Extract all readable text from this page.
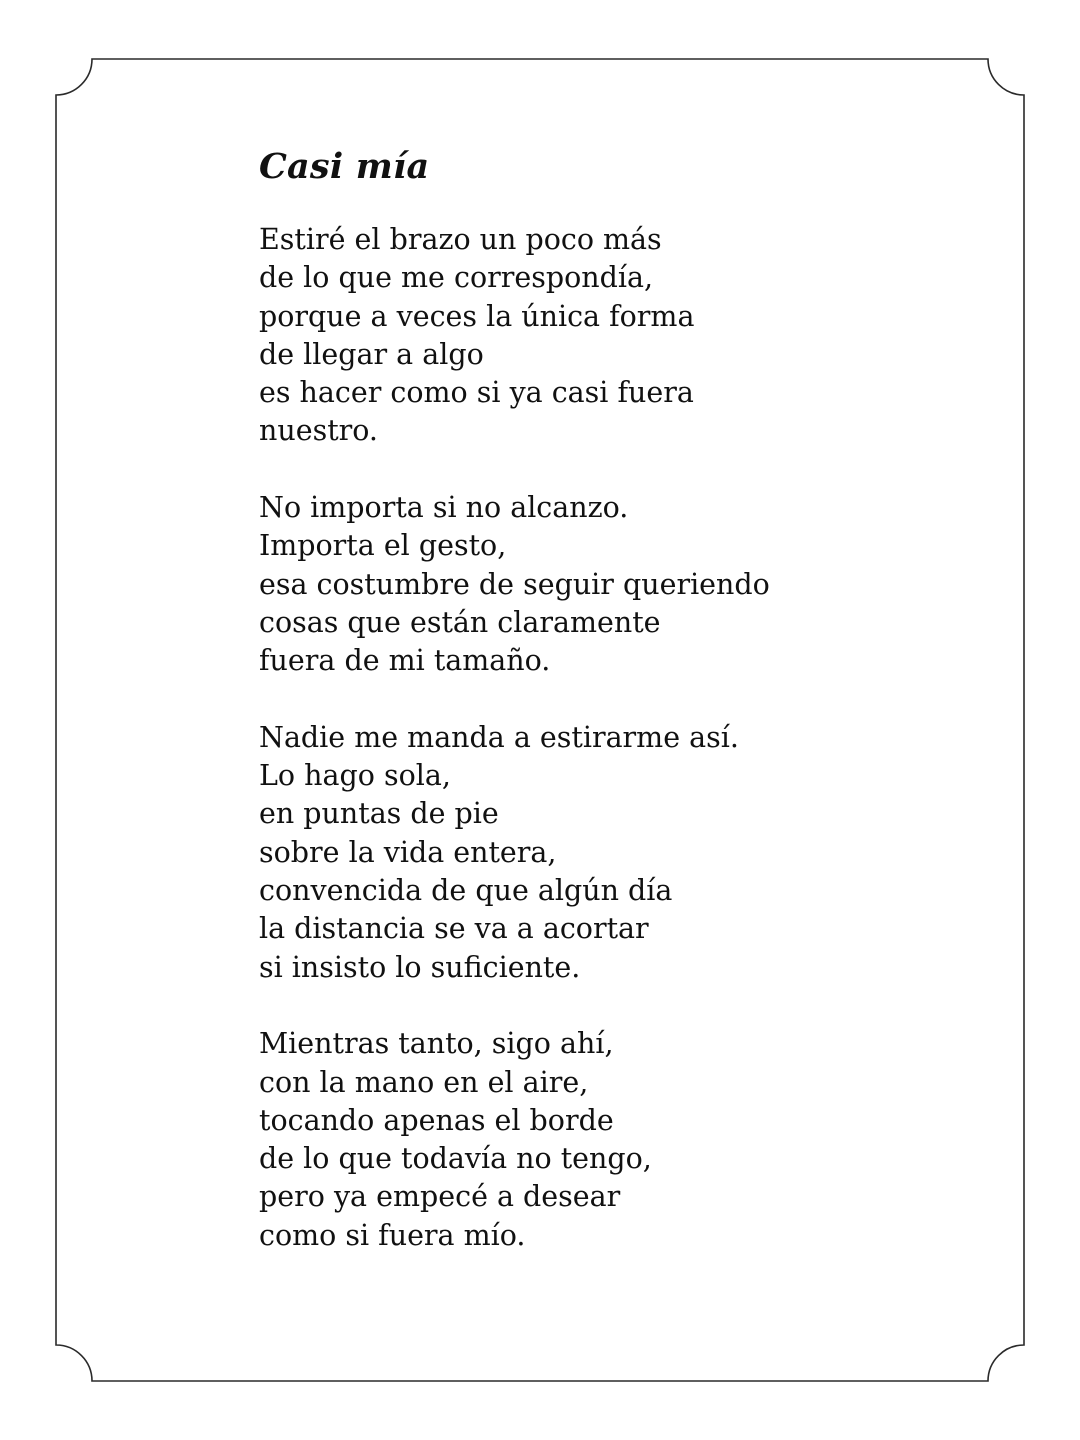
Casi mía
Estiré el brazo un poco más
de lo que me correspondía,
porque a veces la única forma
de llegar a algo
es hacer como si ya casi fuera
nuestro.
No importa si no alcanzo.
Importa el gesto,
esa costumbre de seguir queriendo
cosas que están claramente
fuera de mi tamaño.
Nadie me manda a estirarme así.
Lo hago sola,
en puntas de pie
sobre la vida entera,
convencida de que algún día
la distancia se va a acortar
si insisto lo suficiente.
Mientras tanto, sigo ahí,
con la mano en el aire,
tocando apenas el borde
de lo que todavía no tengo,
pero ya empecé a desear
como si fuera mío.
